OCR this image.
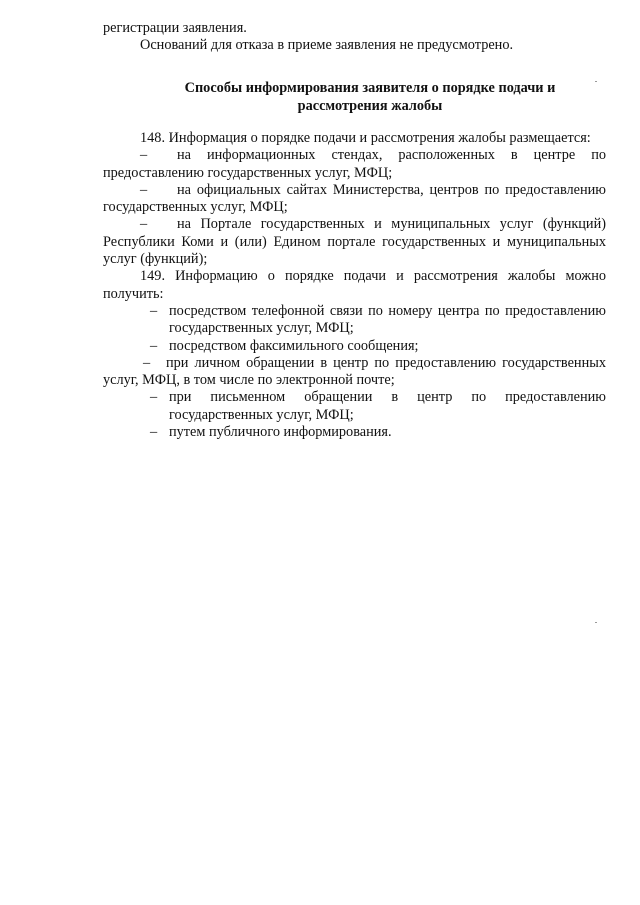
регистрации заявления.

Оснований для отказа в приеме заявления не предусмотрено.

Способы информирования заявителя о порядке подачи и
рассмотрения жалобы

148. Информация о порядке подачи и рассмотрения жалобы размещается:

– на информационных стендах, расположенных в центре по предоставлению государственных услуг, МФЦ;

– на официальных сайтах Министерства, центров по предоставлению государственных услуг, МФЦ;

– на Портале государственных и муниципальных услуг (функций) Республики Коми и (или) Едином портале государственных и муниципальных услуг (функций);

149. Информацию о порядке подачи и рассмотрения жалобы можно получить:

– посредством телефонной связи по номеру центра по предоставлению государственных услуг, МФЦ;
– посредством факсимильного сообщения;

– при личном обращении в центр по предоставлению государственных услуг, МФЦ, в том числе по электронной почте;

– при письменном обращении в центр по предоставлению государственных услуг, МФЦ;
– путем публичного информирования.
